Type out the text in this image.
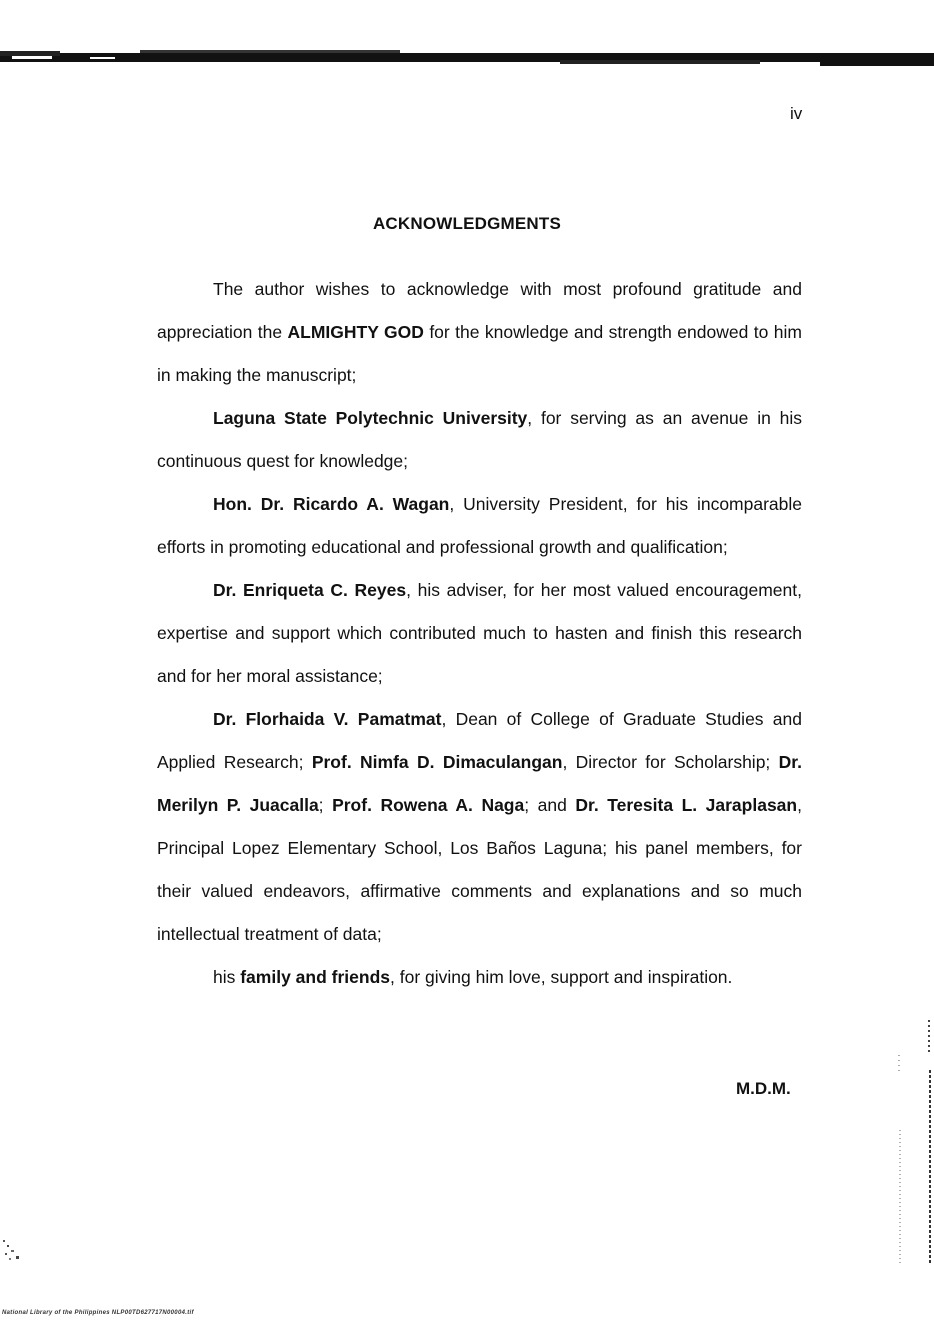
iv
ACKNOWLEDGMENTS

The author wishes to acknowledge with most profound gratitude and appreciation the ALMIGHTY GOD for the knowledge and strength endowed to him in making the manuscript;

Laguna State Polytechnic University, for serving as an avenue in his continuous quest for knowledge;

Hon. Dr. Ricardo A. Wagan, University President, for his incomparable efforts in promoting educational and professional growth and qualification;

Dr. Enriqueta C. Reyes, his adviser, for her most valued encouragement, expertise and support which contributed much to hasten and finish this research and for her moral assistance;

Dr. Florhaida V. Pamatmat, Dean of College of Graduate Studies and Applied Research; Prof. Nimfa D. Dimaculangan, Director for Scholarship; Dr. Merilyn P. Juacalla; Prof. Rowena A. Naga; and Dr. Teresita L. Jaraplasan, Principal Lopez Elementary School, Los Baños Laguna; his panel members, for their valued endeavors, affirmative comments and explanations and so much intellectual treatment of data;

his family and friends, for giving him love, support and inspiration.

M.D.M.
National Library of the Philippines NLP00TD627717N00004.tif
